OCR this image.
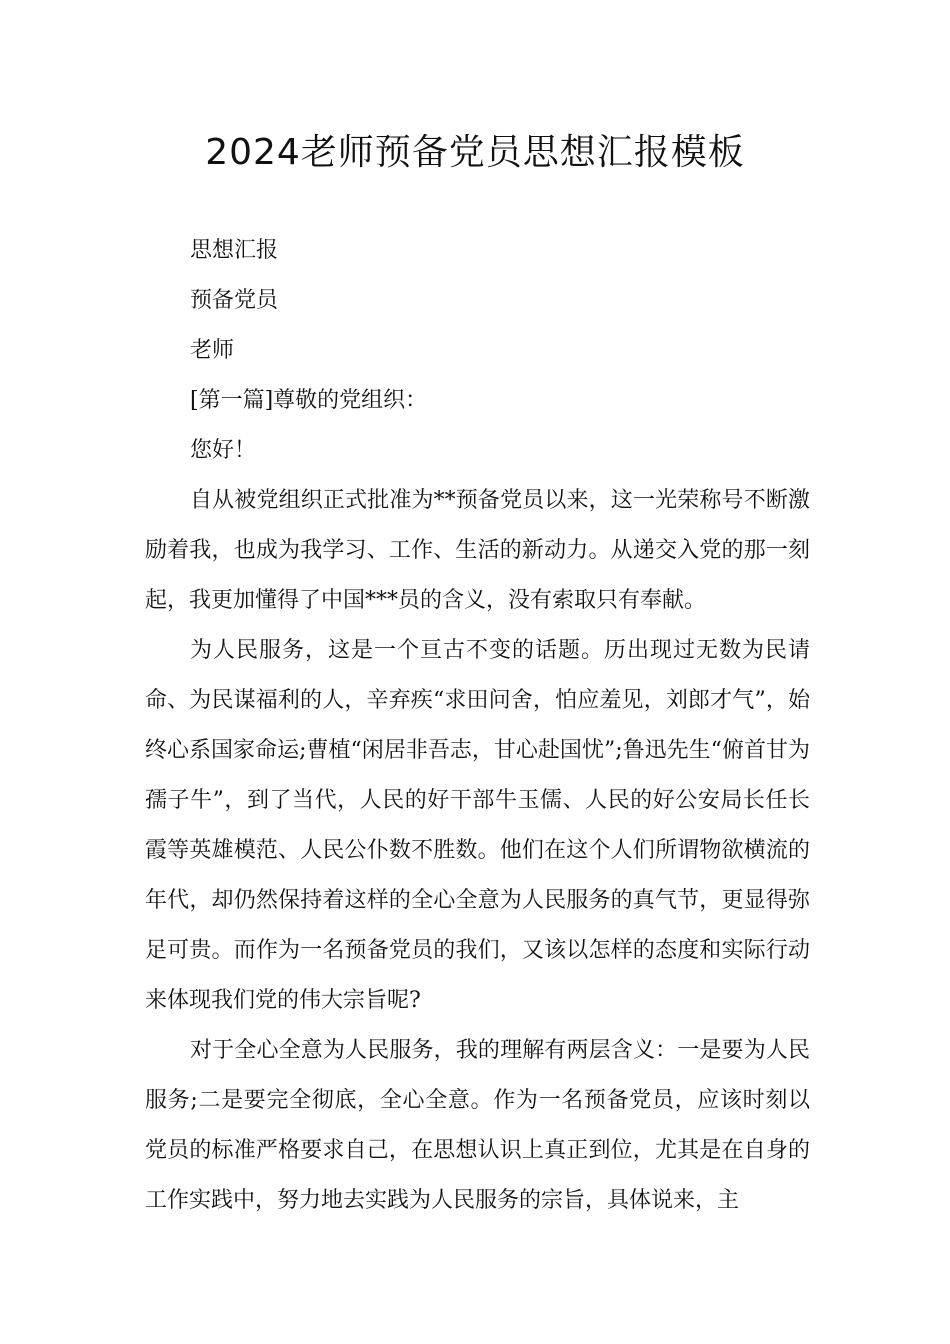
2024老师预备党员思想汇报模板

思想汇报

预备党员

老师

[第一篇]尊敬的党组织：

您好！

自从被党组织正式批准为**预备党员以来，这一光荣称号不断激励着我，也成为我学习、工作、生活的新动力。从递交入党的那一刻起，我更加懂得了中国***员的含义，没有索取只有奉献。

为人民服务，这是一个亘古不变的话题。历出现过无数为民请命、为民谋福利的人，辛弃疾“求田问舍，怕应羞见，刘郎才气”，始终心系国家命运;曹植“闲居非吾志，甘心赴国忧”;鲁迅先生“俯首甘为孺子牛”，到了当代，人民的好干部牛玉儒、人民的好公安局长任长霞等英雄模范、人民公仆数不胜数。他们在这个人们所谓物欲横流的年代，却仍然保持着这样的全心全意为人民服务的真气节，更显得弥足可贵。而作为一名预备党员的我们，又该以怎样的态度和实际行动来体现我们党的伟大宗旨呢?

对于全心全意为人民服务，我的理解有两层含义：一是要为人民服务;二是要完全彻底，全心全意。作为一名预备党员，应该时刻以党员的标准严格要求自己，在思想认识上真正到位，尤其是在自身的工作实践中，努力地去实践为人民服务的宗旨，具体说来，主
